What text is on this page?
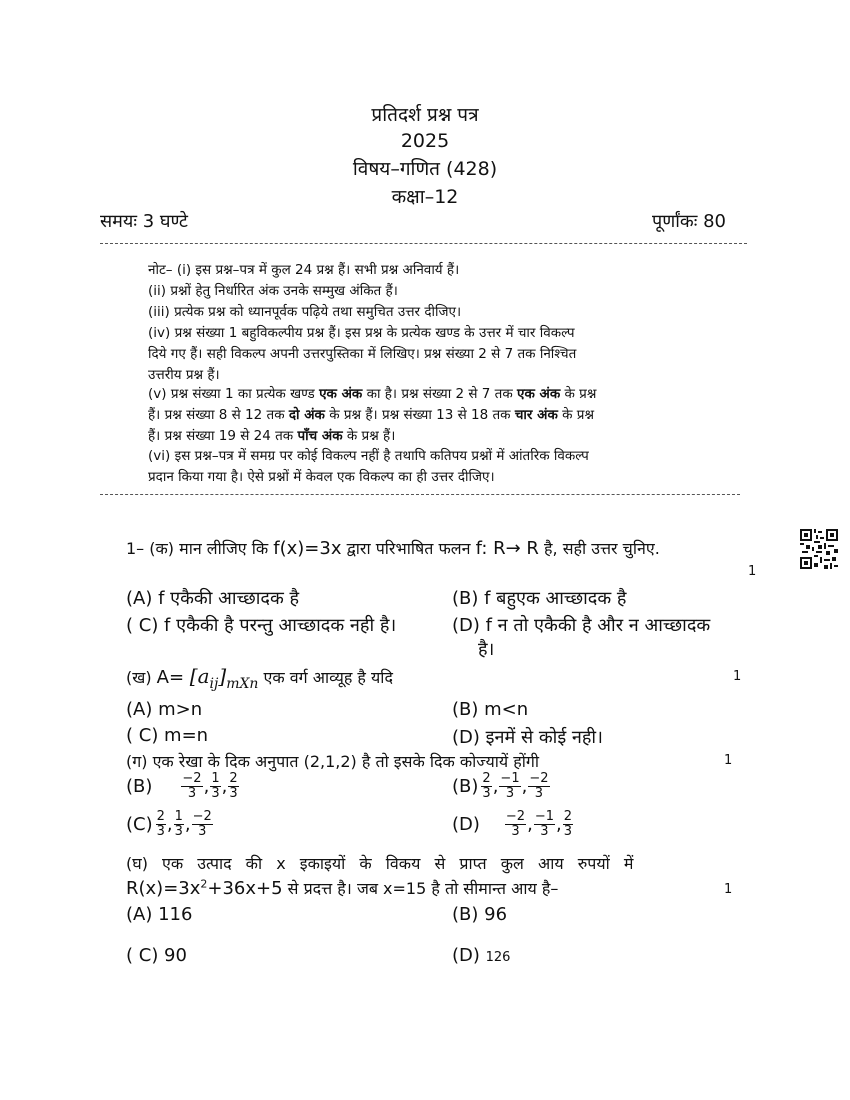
प्रतिदर्श प्रश्न पत्र
2025
विषय–गणित (428)
कक्षा–12
समयः 3 घण्टे	पूर्णांकः 80
नोट– (i) इस प्रश्न–पत्र में कुल 24 प्रश्न हैं। सभी प्रश्न अनिवार्य हैं।
(ii) प्रश्नों हेतु निर्धारित अंक उनके सम्मुख अंकित हैं।
(iii) प्रत्येक प्रश्न को ध्यानपूर्वक पढ़िये तथा समुचित उत्तर दीजिए।
(iv) प्रश्न संख्या 1 बहुविकल्पीय प्रश्न हैं। इस प्रश्न के प्रत्येक खण्ड के उत्तर में चार विकल्प
दिये गए हैं। सही विकल्प अपनी उत्तरपुस्तिका में लिखिए। प्रश्न संख्या 2 से 7 तक निश्चित
उत्तरीय प्रश्न हैं।
(v) प्रश्न संख्या 1 का प्रत्येक खण्ड एक अंक का है। प्रश्न संख्या 2 से 7 तक एक अंक के प्रश्न
हैं। प्रश्न संख्या 8 से 12 तक दो अंक के प्रश्न हैं। प्रश्न संख्या 13 से 18 तक चार अंक के प्रश्न
हैं। प्रश्न संख्या 19 से 24 तक पाँच अंक के प्रश्न हैं।
(vi) इस प्रश्न–पत्र में समग्र पर कोई विकल्प नहीं है तथापि कतिपय प्रश्नों में आंतरिक विकल्प
प्रदान किया गया है। ऐसे प्रश्नों में केवल एक विकल्प का ही उत्तर दीजिए।
1– (क) मान लीजिए कि f(x)=3x द्वारा परिभाषित फलन f: R→ R है, सही उत्तर चुनिए.
1
(A) f एकैकी आच्छादक है	(B) f बहुएक आच्छादक है
( C) f एकैकी है परन्तु आच्छादक नही है।	(D) f न तो एकैकी है और न आच्छादक
है।
(ख) $A= [a_{ij}]_{mXn}$ एक वर्ग आव्यूह है यदि	1
(A) m>n	(B) m<n
( C) m=n	(D) इनमें से कोई नही।
(ग) एक रेखा के दिक अनुपात (2,1,2) है तो इसके दिक कोज्यायें होंगी	1
$(B) \frac{-2}{3}$ , $\frac{1}{3}$ , $\frac{2}{3}$	$(B) \frac{2}{3}$ , $\frac{-1}{3}$ , $\frac{-2}{3}$
$(C) \frac{2}{3}$ , $\frac{1}{3}$ , $\frac{-2}{3}$	$(D) \frac{-2}{3}$ , $\frac{-1}{3}$ , $\frac{2}{3}$
(घ) एक उत्पाद की x इकाइयों के विकय से प्राप्त कुल आय रुपयों में
$R(x)=3x^2+36x+5$ से प्रदत्त है। जब x=15 है तो सीमान्त आय है–	1
(A) 116	(B) 96
( C) 90	(D) 126
